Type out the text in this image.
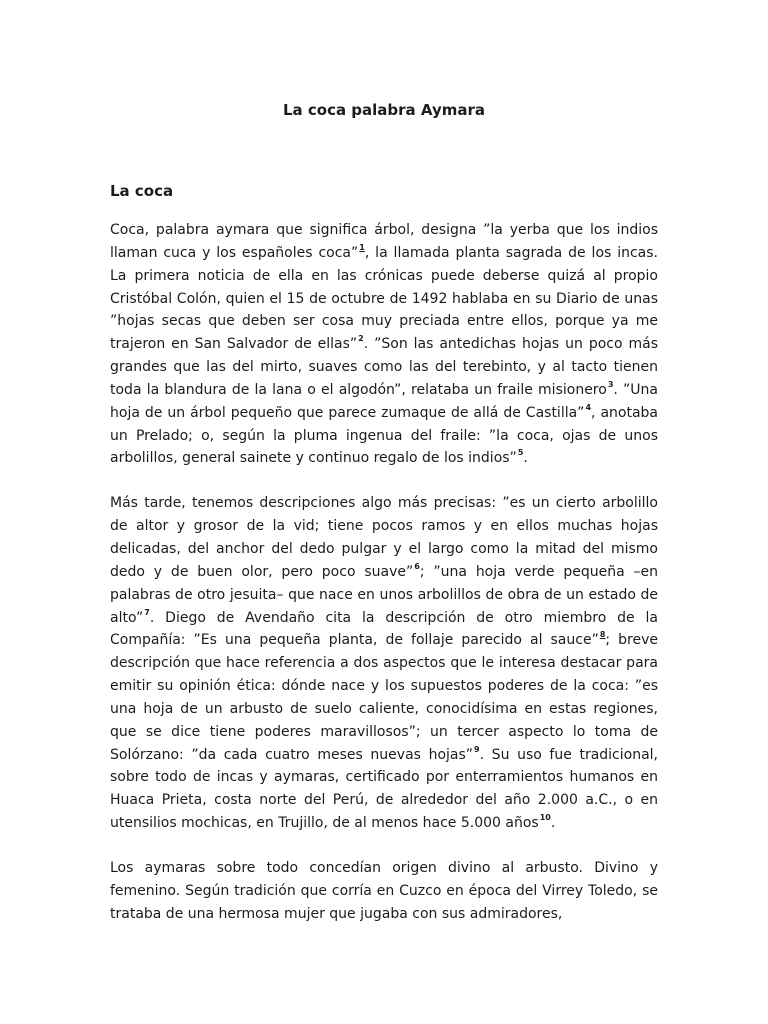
La coca palabra Aymara
La coca

Coca, palabra aymara que significa árbol, designa ”la yerba que los indios llaman cuca y los españoles coca”$^1$, la llamada planta sagrada de los incas. La primera noticia de ella en las crónicas puede deberse quizá al propio Cristóbal Colón, quien el 15 de octubre de 1492 hablaba en su Diario de unas ”hojas secas que deben ser cosa muy preciada entre ellos, porque ya me trajeron en San Salvador de ellas”$^2$. ”Son las antedichas hojas un poco más grandes que las del mirto, suaves como las del terebinto, y al tacto tienen toda la blandura de la lana o el algodón”, relataba un fraile misionero$^3$. ”Una hoja de un árbol pequeño que parece zumaque de allá de Castilla”$^4$, anotaba un Prelado; o, según la pluma ingenua del fraile: ”la coca, ojas de unos arbolillos, general sainete y continuo regalo de los indios”$^5$.

Más tarde, tenemos descripciones algo más precisas: ”es un cierto arbolillo de altor y grosor de la vid; tiene pocos ramos y en ellos muchas hojas delicadas, del anchor del dedo pulgar y el largo como la mitad del mismo dedo y de buen olor, pero poco suave”$^6$; ”una hoja verde pequeña –en palabras de otro jesuita– que nace en unos arbolillos de obra de un estado de alto”$^7$. Diego de Avendaño cita la descripción de otro miembro de la Compañía: ”Es una pequeña planta, de follaje parecido al sauce”$^8$; breve descripción que hace referencia a dos aspectos que le interesa destacar para emitir su opinión ética: dónde nace y los supuestos poderes de la coca: ”es una hoja de un arbusto de suelo caliente, conocidísima en estas regiones, que se dice tiene poderes maravillosos”; un tercer aspecto lo toma de Solórzano: ”da cada cuatro meses nuevas hojas”$^9$. Su uso fue tradicional, sobre todo de incas y aymaras, certificado por enterramientos humanos en Huaca Prieta, costa norte del Perú, de alrededor del año 2.000 a.C., o en utensilios mochicas, en Trujillo, de al menos hace 5.000 años$^{10}$.

Los aymaras sobre todo concedían origen divino al arbusto. Divino y femenino. Según tradición que corría en Cuzco en época del Virrey Toledo, se trataba de una hermosa mujer que jugaba con sus admiradores,
